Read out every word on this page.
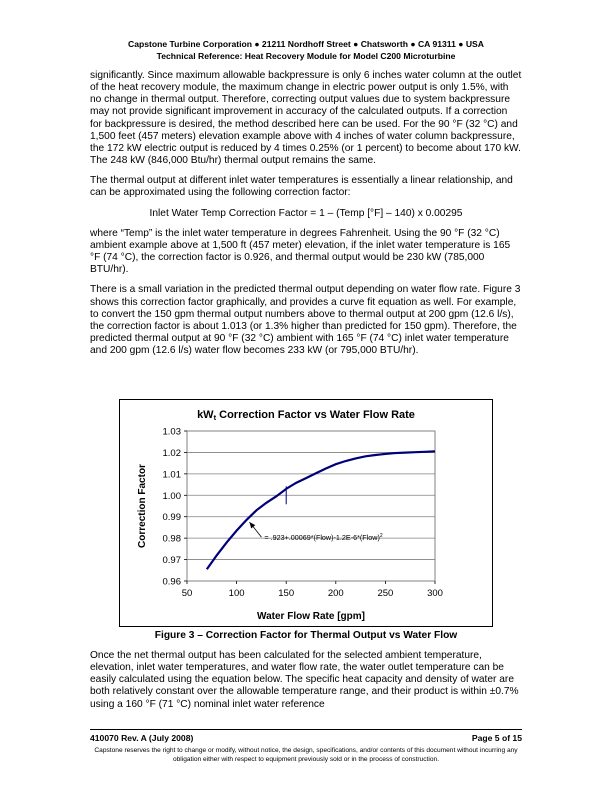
Capstone Turbine Corporation ● 21211 Nordhoff Street ● Chatsworth ● CA 91311 ● USA
Technical Reference: Heat Recovery Module for Model C200 Microturbine

significantly. Since maximum allowable backpressure is only 6 inches water column at the outlet of the heat recovery module, the maximum change in electric power output is only 1.5%, with no change in thermal output. Therefore, correcting output values due to system backpressure may not provide significant improvement in accuracy of the calculated outputs. If a correction for backpressure is desired, the method described here can be used. For the 90 °F (32 °C) and 1,500 feet (457 meters) elevation example above with 4 inches of water column backpressure, the 172 kW electric output is reduced by 4 times 0.25% (or 1 percent) to become about 170 kW. The 248 kW (846,000 Btu/hr) thermal output remains the same.

The thermal output at different inlet water temperatures is essentially a linear relationship, and can be approximated using the following correction factor:

Inlet Water Temp Correction Factor = 1 – (Temp [°F] – 140) x 0.00295

where “Temp” is the inlet water temperature in degrees Fahrenheit. Using the 90 °F (32 °C) ambient example above at 1,500 ft (457 meter) elevation, if the inlet water temperature is 165 °F (74 °C), the correction factor is 0.926, and thermal output would be 230 kW (785,000 BTU/hr).

There is a small variation in the predicted thermal output depending on water flow rate. Figure 3 shows this correction factor graphically, and provides a curve fit equation as well. For example, to convert the 150 gpm thermal output numbers above to thermal output at 200 gpm (12.6 l/s), the correction factor is about 1.013 (or 1.3% higher than predicted for 150 gpm). Therefore, the predicted thermal output at 90 °F (32 °C) ambient with 165 °F (74 °C) inlet water temperature and 200 gpm (12.6 l/s) water flow becomes 233 kW (or 795,000 BTU/hr).

kWt Correction Factor vs Water Flow Rate
0.96
0.97
0.98
0.99
1.00
1.01
1.02
1.03
50	100	150	200	250	300
= .923+.00069*(Flow)-1.2E-6*(Flow)$^2$
Correction Factor
Water Flow Rate [gpm]
Figure 3 – Correction Factor for Thermal Output vs Water Flow

Once the net thermal output has been calculated for the selected ambient temperature, elevation, inlet water temperatures, and water flow rate, the water outlet temperature can be easily calculated using the equation below. The specific heat capacity and density of water are both relatively constant over the allowable temperature range, and their product is within ±0.7% using a 160 °F (71 °C) nominal inlet water reference

410070 Rev. A (July 2008)	Page 5 of 15
Capstone reserves the right to change or modify, without notice, the design, specifications, and/or contents of this document without incurring any obligation either with respect to equipment previously sold or in the process of construction.
